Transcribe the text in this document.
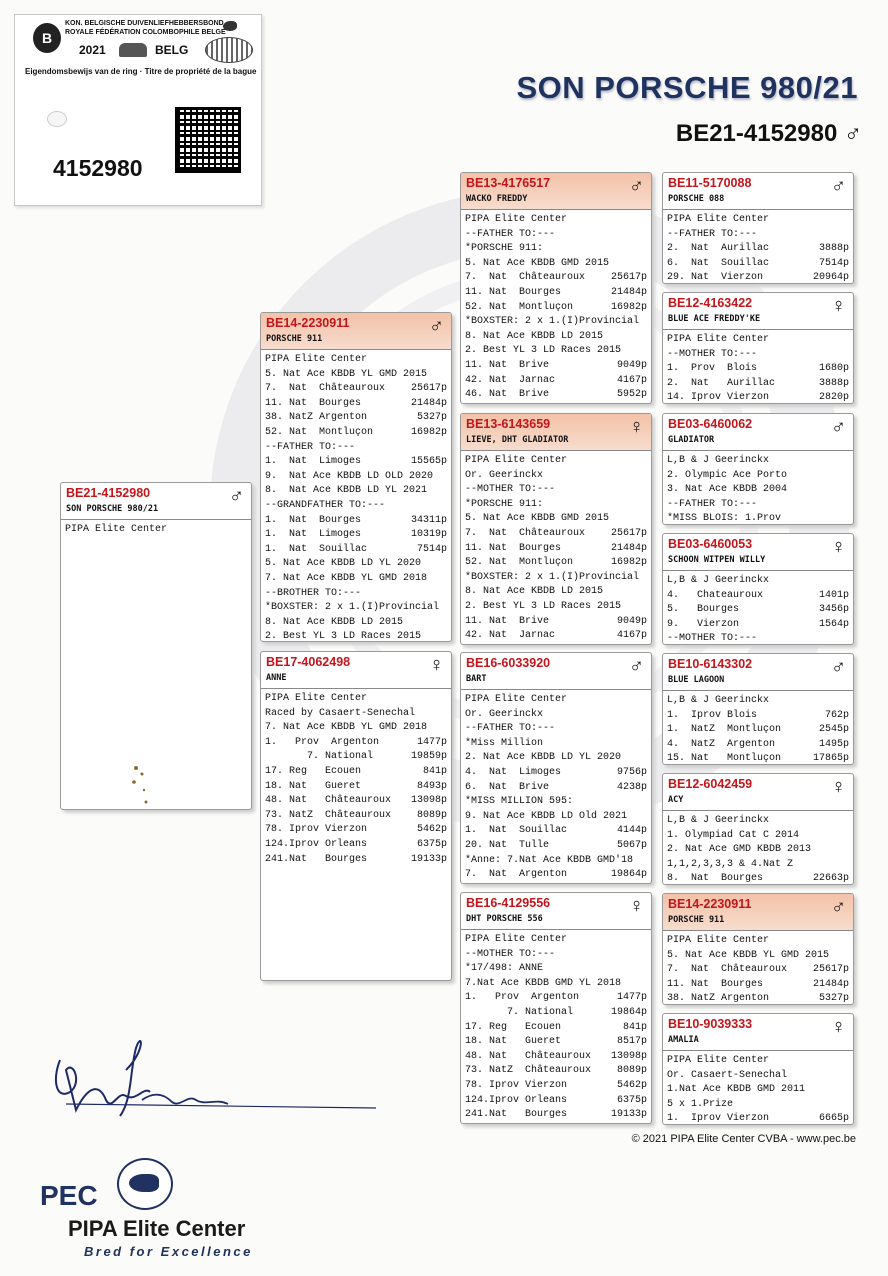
B
KON. BELGISCHE DUIVENLIEFHEBBERSBOND
ROYALE FÉDÉRATION COLOMBOPHILE BELGE
2021	BELG
Eigendomsbewijs van de ring · Titre de propriété de la bague
4152980
SON PORSCHE 980/21
BE21-4152980 ♂
BE21-4152980
SON PORSCHE 980/21
♂
PIPA Elite Center
BE14-2230911
PORSCHE 911
♂
PIPA Elite Center
5. Nat Ace KBDB YL GMD 2015
7.  Nat  Châteauroux	25617p
11. Nat  Bourges	21484p
38. NatZ Argenton	5327p
52. Nat  Montluçon	16982p
--FATHER TO:---
1.  Nat  Limoges	15565p
9.  Nat Ace KBDB LD OLD 2020
8.  Nat Ace KBDB LD YL 2021
--GRANDFATHER TO:---
1.  Nat  Bourges	34311p
1.  Nat  Limoges	10319p
1.  Nat  Souillac	7514p
5. Nat Ace KBDB LD YL 2020
7. Nat Ace KBDB YL GMD 2018
--BROTHER TO:---
*BOXSTER: 2 x 1.(I)Provincial
8. Nat Ace KBDB LD 2015
2. Best YL 3 LD Races 2015
BE17-4062498
ANNE
♀
PIPA Elite Center
Raced by Casaert-Senechal
7. Nat Ace KBDB YL GMD 2018
1.   Prov  Argenton	1477p
7. National	19859p
17. Reg   Ecouen	841p
18. Nat   Gueret	8493p
48. Nat   Châteauroux 13098p
73. NatZ  Châteauroux	8089p
78. Iprov Vierzon	5462p
124.Iprov Orleans	6375p
241.Nat   Bourges	19133p
BE13-4176517
WACKO FREDDY
♂
PIPA Elite Center
--FATHER TO:---
*PORSCHE 911:
5. Nat Ace KBDB GMD 2015
7.  Nat  Châteauroux	25617p
11. Nat  Bourges	21484p
52. Nat  Montluçon	16982p
*BOXSTER: 2 x 1.(I)Provincial
8. Nat Ace KBDB LD 2015
2. Best YL 3 LD Races 2015
11. Nat  Brive	9049p
42. Nat  Jarnac	4167p
46. Nat  Brive	5952p
BE13-6143659
LIEVE, DHT GLADIATOR
♀
PIPA Elite Center
Or. Geerinckx
--MOTHER TO:---
*PORSCHE 911:
5. Nat Ace KBDB GMD 2015
7.  Nat  Châteauroux	25617p
11. Nat  Bourges	21484p
52. Nat  Montluçon	16982p
*BOXSTER: 2 x 1.(I)Provincial
8. Nat Ace KBDB LD 2015
2. Best YL 3 LD Races 2015
11. Nat  Brive	9049p
42. Nat  Jarnac	4167p
BE16-6033920
BART
♂
PIPA Elite Center
Or. Geerinckx
--FATHER TO:---
*Miss Million
2. Nat Ace KBDB LD YL 2020
4.  Nat  Limoges	9756p
6.  Nat  Brive	4238p
*MISS MILLION 595:
9. Nat Ace KBDB LD Old 2021
1.  Nat  Souillac	4144p
20. Nat  Tulle	5067p
*Anne: 7.Nat Ace KBDB GMD'18
7.  Nat  Argenton	19864p
BE16-4129556
DHT PORSCHE 556
♀
PIPA Elite Center
--MOTHER TO:---
*17/498: ANNE
7.Nat Ace KBDB GMD YL 2018
1.   Prov  Argenton	1477p
7. National	19864p
17. Reg   Ecouen	841p
18. Nat   Gueret	8517p
48. Nat   Châteauroux 13098p
73. NatZ  Châteauroux	8089p
78. Iprov Vierzon	5462p
124.Iprov Orleans	6375p
241.Nat   Bourges	19133p
BE11-5170088
PORSCHE 088
♂
PIPA Elite Center
--FATHER TO:---
2.  Nat  Aurillac	3888p
6.  Nat  Souillac	7514p
29. Nat  Vierzon	20964p
BE12-4163422
BLUE ACE FREDDY'KE
♀
PIPA Elite Center
--MOTHER TO:---
1.  Prov  Blois	1680p
2.  Nat   Aurillac	3888p
14. Iprov Vierzon	2820p
BE03-6460062
GLADIATOR
♂
L,B & J Geerinckx
2. Olympic Ace Porto
3. Nat Ace KBDB 2004
--FATHER TO:---
*MISS BLOIS: 1.Prov
BE03-6460053
SCHOON WITPEN WILLY
♀
L,B & J Geerinckx
4.   Chateauroux	1401p
5.   Bourges	3456p
9.   Vierzon	1564p
--MOTHER TO:---
BE10-6143302
BLUE LAGOON
♂
L,B & J Geerinckx
1.  Iprov Blois	762p
1.  NatZ  Montluçon	2545p
4.  NatZ  Argenton	1495p
15. Nat   Montluçon	17865p
BE12-6042459
ACY
♀
L,B & J Geerinckx
1. Olympiad Cat C 2014
2. Nat Ace GMD KBDB 2013
1,1,2,3,3,3 & 4.Nat Z
8.  Nat  Bourges	22663p
BE14-2230911
PORSCHE 911
♂
PIPA Elite Center
5. Nat Ace KBDB YL GMD 2015
7.  Nat  Châteauroux	25617p
11. Nat  Bourges	21484p
38. NatZ Argenton	5327p
BE10-9039333
AMALIA
♀
PIPA Elite Center
Or. Casaert-Senechal
1.Nat Ace KBDB GMD 2011
5 x 1.Prize
1.  Iprov Vierzon	6665p
© 2021 PIPA Elite Center CVBA - www.pec.be
PEC
PIPA Elite Center
Bred for Excellence
